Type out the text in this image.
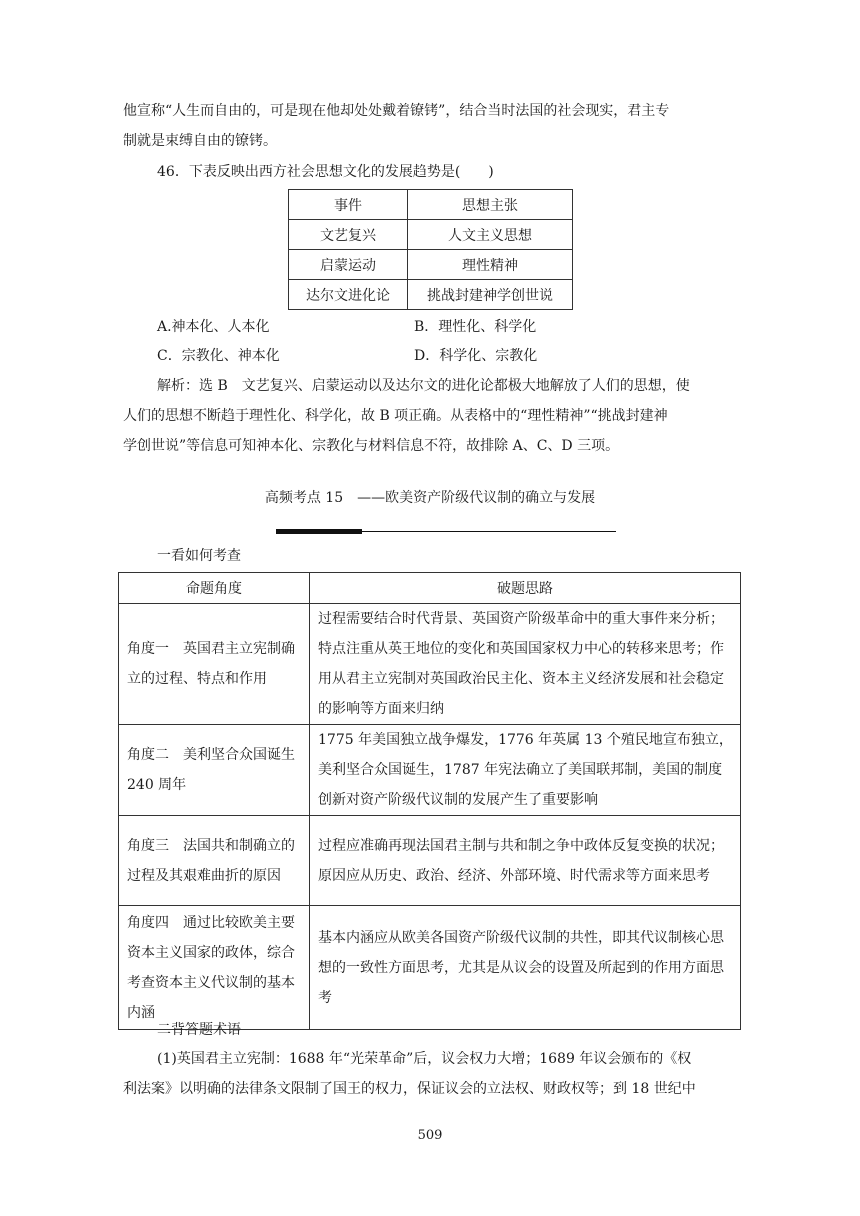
他宣称“人生而自由的，可是现在他却处处戴着镣铐”，结合当时法国的社会现实，君主专
制就是束缚自由的镣铐。
46．下表反映出西方社会思想文化的发展趋势是(　　)
事件	思想主张
文艺复兴	人文主义思想
启蒙运动	理性精神
达尔文进化论	挑战封建神学创世说
A.神本化、人本化	B．理性化、科学化
C．宗教化、神本化	D．科学化、宗教化
解析：选 B　文艺复兴、启蒙运动以及达尔文的进化论都极大地解放了人们的思想，使
人们的思想不断趋于理性化、科学化，故 B 项正确。从表格中的“理性精神”“挑战封建神
学创世说”等信息可知神本化、宗教化与材料信息不符，故排除 A、C、D 三项。
高频考点 15　——欧美资产阶级代议制的确立与发展
一看如何考查
命题角度	破题思路
角度一　英国君主立宪制确立的过程、特点和作用	过程需要结合时代背景、英国资产阶级革命中的重大事件来分析；特点注重从英王地位的变化和英国国家权力中心的转移来思考；作用从君主立宪制对英国政治民主化、资本主义经济发展和社会稳定的影响等方面来归纳
角度二　美利坚合众国诞生 240 周年	1775 年美国独立战争爆发，1776 年英属 13 个殖民地宣布独立，美利坚合众国诞生，1787 年宪法确立了美国联邦制，美国的制度创新对资产阶级代议制的发展产生了重要影响
角度三　法国共和制确立的过程及其艰难曲折的原因	过程应准确再现法国君主制与共和制之争中政体反复变换的状况；原因应从历史、政治、经济、外部环境、时代需求等方面来思考
角度四　通过比较欧美主要资本主义国家的政体，综合考查资本主义代议制的基本内涵	基本内涵应从欧美各国资产阶级代议制的共性，即其代议制核心思想的一致性方面思考，尤其是从议会的设置及所起到的作用方面思考
二背答题术语
(1)英国君主立宪制：1688 年“光荣革命”后，议会权力大增；1689 年议会颁布的《权
利法案》以明确的法律条文限制了国王的权力，保证议会的立法权、财政权等；到 18 世纪中
509
